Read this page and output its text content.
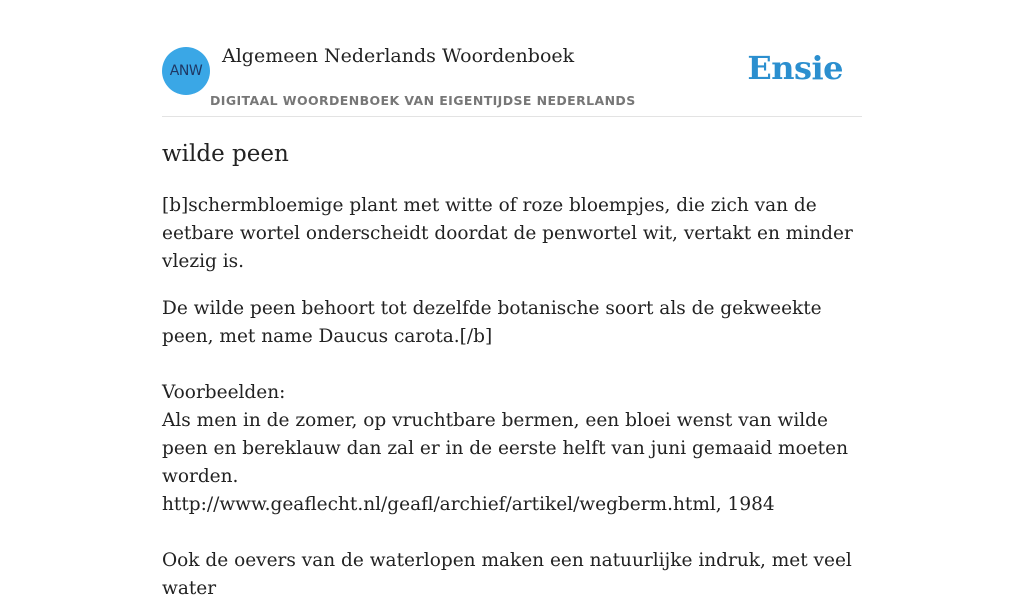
ANW
Algemeen Nederlands Woordenboek
DIGITAAL WOORDENBOEK VAN EIGENTIJDSE NEDERLANDS
Ensie
wilde peen

[b]schermbloemige plant met witte of roze bloempjes, die zich van de eetbare wortel onderscheidt doordat de penwortel wit, vertakt en minder vlezig is.

De wilde peen behoort tot dezelfde botanische soort als de gekweekte peen, met name Daucus carota.[/b]

Voorbeelden:

Als men in de zomer, op vruchtbare bermen, een bloei wenst van wilde peen en bereklauw dan zal er in de eerste helft van juni gemaaid moeten worden.

http://www.geaflecht.nl/geafl/archief/artikel/wegberm.html, 1984

Ook de oevers van de waterlopen maken een natuurlijke indruk, met veel water
